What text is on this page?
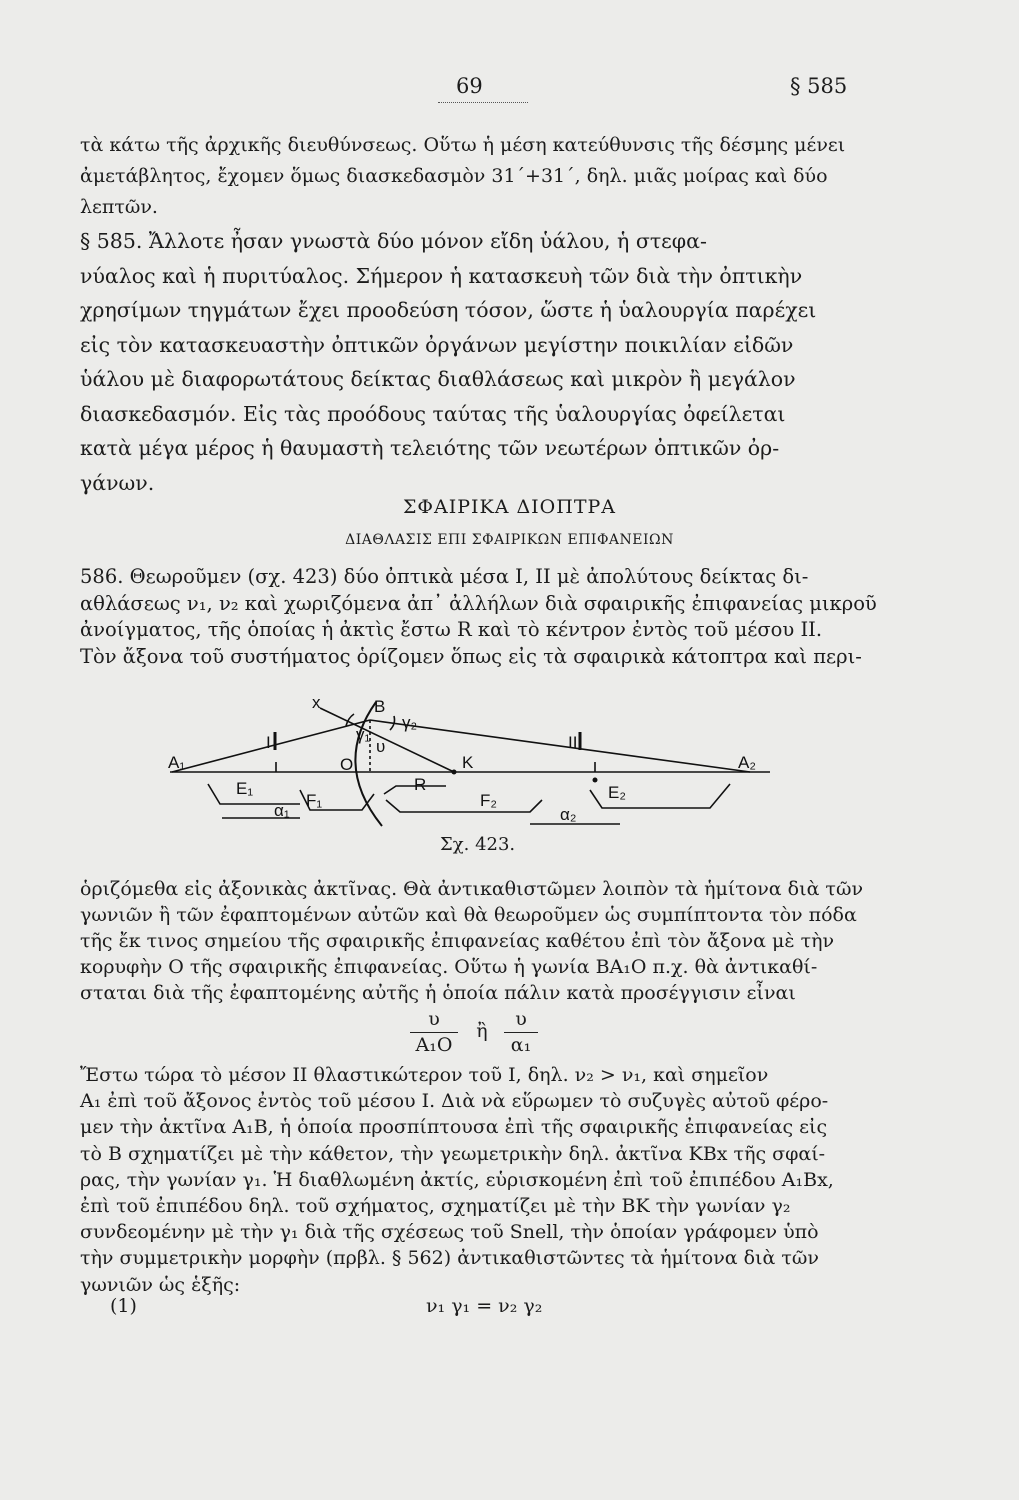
69	§ 585

τὰ κάτω τῆς ἀρχικῆς διευθύνσεως. Οὕτω ἡ μέση κατεύθυνσις τῆς δέσμης μένει

ἀμετάβλητος, ἔχομεν ὅμως διασκεδασμὸν 31΄+31΄, δηλ. μιᾶς μοίρας καὶ δύο

λεπτῶν.

§ 585. Ἄλλοτε ἦσαν γνωστὰ δύο μόνον εἴδη ὑάλου, ἡ στεφα-

νύαλος καὶ ἡ πυριτύαλος. Σήμερον ἡ κατασκευὴ τῶν διὰ τὴν ὀπτικὴν

χρησίμων τηγμάτων ἔχει προοδεύση τόσον, ὥστε ἡ ὑαλουργία παρέχει

εἰς τὸν κατασκευαστὴν ὀπτικῶν ὀργάνων μεγίστην ποικιλίαν εἰδῶν

ὑάλου μὲ διαφορωτάτους δείκτας διαθλάσεως καὶ μικρὸν ἢ μεγάλον

διασκεδασμόν. Εἰς τὰς προόδους ταύτας τῆς ὑαλουργίας ὀφείλεται

κατὰ μέγα μέρος ἡ θαυμαστὴ τελειότης τῶν νεωτέρων ὀπτικῶν ὀρ-

γάνων.

ΣΦΑΙΡΙΚΑ ΔΙΟΠΤΡΑ
ΔΙΑΘΛΑΣΙΣ ΕΠΙ ΣΦΑΙΡΙΚΩΝ ΕΠΙΦΑΝΕΙΩΝ

586. Θεωροῦμεν (σχ. 423) δύο ὀπτικὰ μέσα I, II μὲ ἀπολύτους δείκτας δι-

αθλάσεως ν₁, ν₂ καὶ χωριζόμενα ἀπ᾿ ἀλλήλων διὰ σφαιρικῆς ἐπιφανείας μικροῦ

ἀνοίγματος, τῆς ὁποίας ἡ ἀκτὶς ἔστω R καὶ τὸ κέντρον ἐντὸς τοῦ μέσου II.

Τὸν ἄξονα τοῦ συστήματος ὁρίζομεν ὅπως εἰς τὰ σφαιρικὰ κάτοπτρα καὶ περι-

x	B
γ₁
γ₂
υ
I	II
A₁	O	K	A₂
E₁
F₁
R
F₂	E₂
α₁	α₂
Σχ. 423.

ὁριζόμεθα εἰς ἀξονικὰς ἀκτῖνας. Θὰ ἀντικαθιστῶμεν λοιπὸν τὰ ἡμίτονα διὰ τῶν

γωνιῶν ἢ τῶν ἐφαπτομένων αὐτῶν καὶ θὰ θεωροῦμεν ὡς συμπίπτοντα τὸν πόδα

τῆς ἔκ τινος σημείου τῆς σφαιρικῆς ἐπιφανείας καθέτου ἐπὶ τὸν ἄξονα μὲ τὴν

κορυφὴν Ο τῆς σφαιρικῆς ἐπιφανείας. Οὕτω ἡ γωνία ΒΑ₁Ο π.χ. θὰ ἀντικαθί-

σταται διὰ τῆς ἐφαπτομένης αὐτῆς ἡ ὁποία πάλιν κατὰ προσέγγισιν εἶναι

υ
A₁O
ἢ
υ
α₁

Ἔστω τώρα τὸ μέσον II θλαστικώτερον τοῦ I, δηλ. ν₂ > ν₁, καὶ σημεῖον

A₁ ἐπὶ τοῦ ἄξονος ἐντὸς τοῦ μέσου I. Διὰ νὰ εὕρωμεν τὸ συζυγὲς αὐτοῦ φέρο-

μεν τὴν ἀκτῖνα A₁B, ἡ ὁποία προσπίπτουσα ἐπὶ τῆς σφαιρικῆς ἐπιφανείας εἰς

τὸ B σχηματίζει μὲ τὴν κάθετον, τὴν γεωμετρικὴν δηλ. ἀκτῖνα ΚΒx τῆς σφαί-

ρας, τὴν γωνίαν γ₁. Ἡ διαθλωμένη ἀκτίς, εὑρισκομένη ἐπὶ τοῦ ἐπιπέδου A₁Bx,

ἐπὶ τοῦ ἐπιπέδου δηλ. τοῦ σχήματος, σχηματίζει μὲ τὴν BK τὴν γωνίαν γ₂

συνδεομένην μὲ τὴν γ₁ διὰ τῆς σχέσεως τοῦ Snell, τὴν ὁποίαν γράφομεν ὑπὸ

τὴν συμμετρικὴν μορφὴν (πρβλ. § 562) ἀντικαθιστῶντες τὰ ἡμίτονα διὰ τῶν

γωνιῶν ὡς ἑξῆς:

(1)	ν₁ γ₁ = ν₂ γ₂
